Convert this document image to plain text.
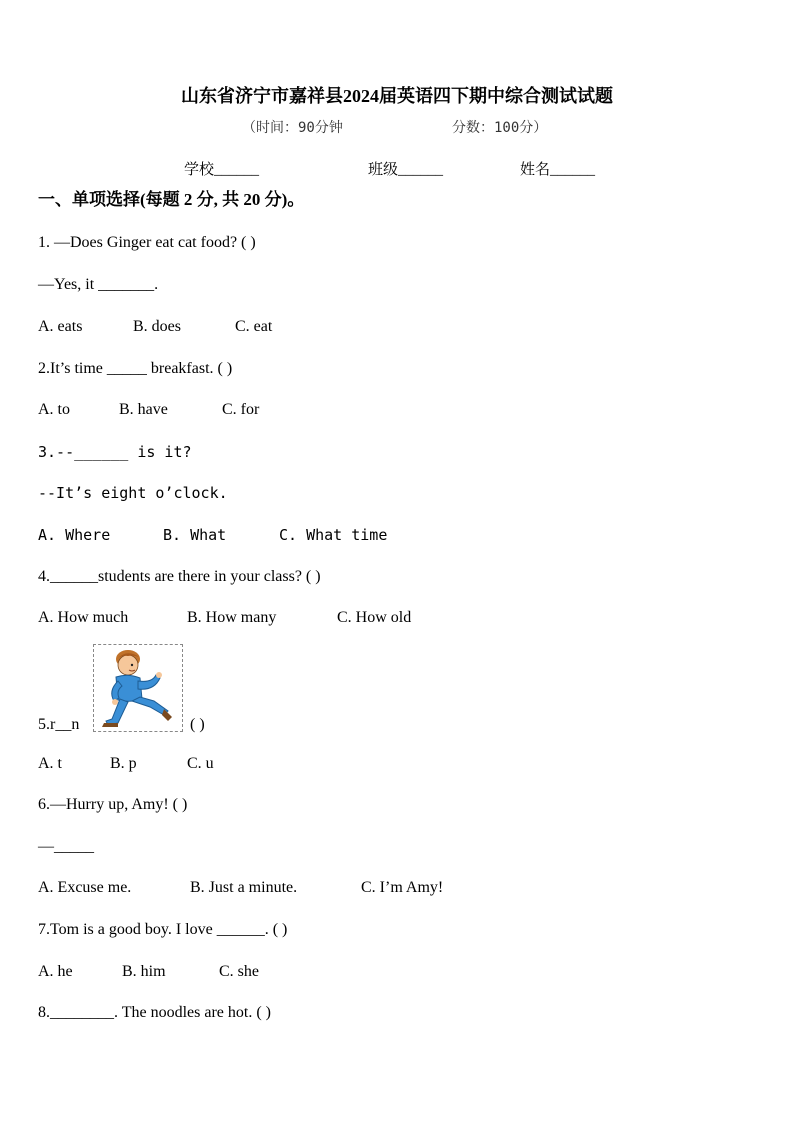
山东省济宁市嘉祥县2024届英语四下期中综合测试试题
（时间：90分钟	分数：100分）
学校______	班级______	姓名______
一、单项选择(每题 2 分, 共 20 分)。
1. —Does Ginger eat cat food? ( )
—Yes, it _______.
A. eats	B. does	C. eat
2.It’s time _____ breakfast. ( )
A. to	B. have	C. for
3.--______ is it?
--It’s eight o’clock.
A. Where	B. What	C. What time
4.______students are there in your class? ( )
A. How much	B. How many	C. How old
5.r__n	( )
A. t	B. p	C. u
6.—Hurry up, Amy! ( )
—_____
A. Excuse me.	B. Just a minute.	C. I’m Amy!
7.Tom is a good boy. I love ______. ( )
A. he	B. him	C. she
8.________. The noodles are hot. ( )
